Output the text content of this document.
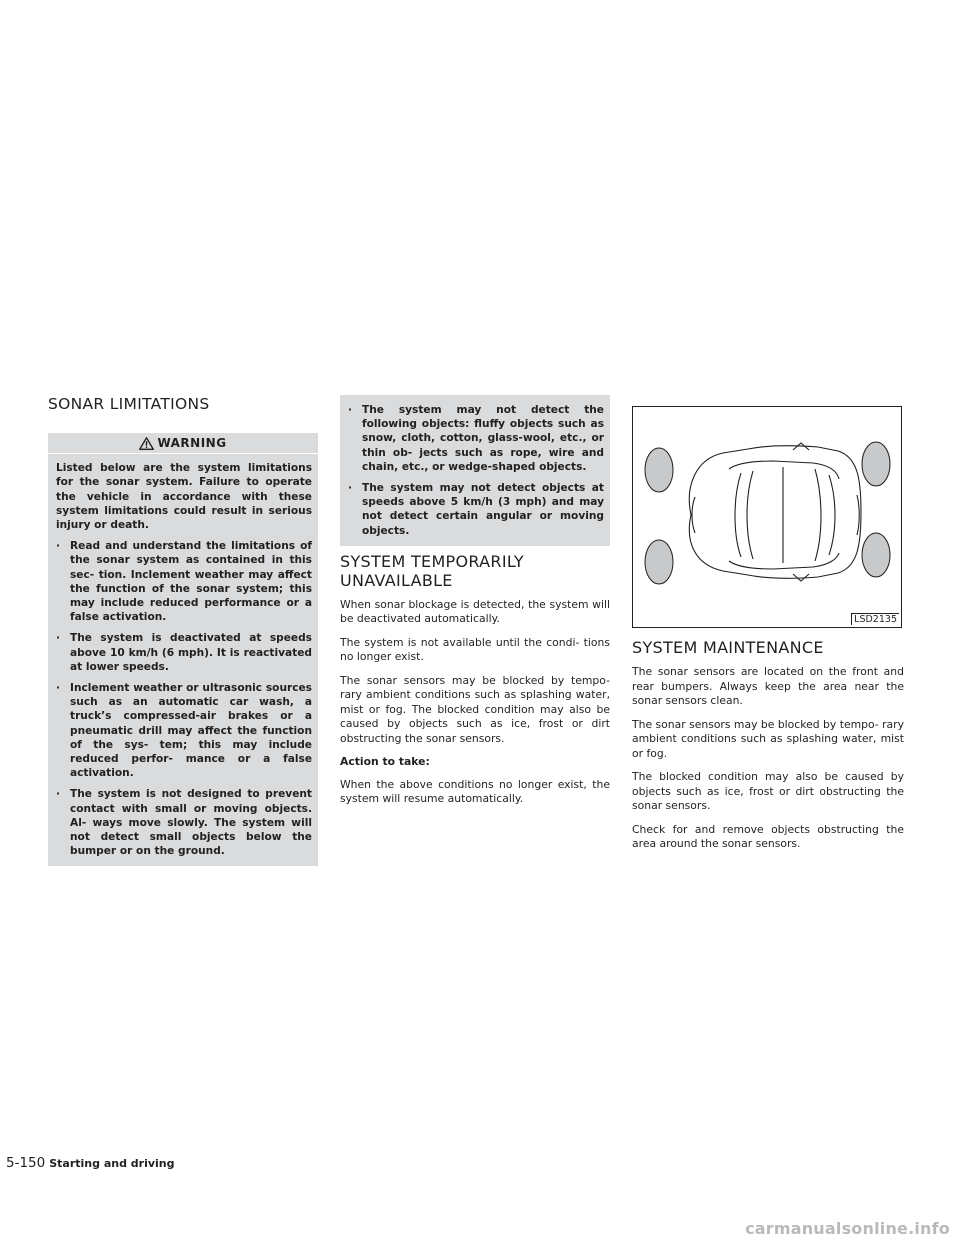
SONAR LIMITATIONS
WARNING

Listed below are the system limitations for the sonar system. Failure to operate the vehicle in accordance with these system limitations could result in serious injury or death.

· Read and understand the limitations of the sonar system as contained in this sec- tion. Inclement weather may affect the function of the sonar system; this may include reduced performance or a false activation.
· The system is deactivated at speeds above 10 km/h (6 mph). It is reactivated at lower speeds.
· Inclement weather or ultrasonic sources such as an automatic car wash, a truck’s compressed-air brakes or a pneumatic drill may affect the function of the sys- tem; this may include reduced perfor- mance or a false activation.
· The system is not designed to prevent contact with small or moving objects. Al- ways move slowly. The system will not detect small objects below the bumper or on the ground.
· The system may not detect the following objects: fluffy objects such as snow, cloth, cotton, glass-wool, etc., or thin ob- jects such as rope, wire and chain, etc., or wedge-shaped objects.
· The system may not detect objects at speeds above 5 km/h (3 mph) and may not detect certain angular or moving objects.
SYSTEM TEMPORARILY UNAVAILABLE

When sonar blockage is detected, the system will be deactivated automatically.

The system is not available until the condi- tions no longer exist.

The sonar sensors may be blocked by tempo- rary ambient conditions such as splashing water, mist or fog. The blocked condition may also be caused by objects such as ice, frost or dirt obstructing the sonar sensors.

Action to take:

When the above conditions no longer exist, the system will resume automatically.

LSD2135
SYSTEM MAINTENANCE

The sonar sensors are located on the front and rear bumpers. Always keep the area near the sonar sensors clean.

The sonar sensors may be blocked by tempo- rary ambient conditions such as splashing water, mist or fog.

The blocked condition may also be caused by objects such as ice, frost or dirt obstructing the sonar sensors.

Check for and remove objects obstructing the area around the sonar sensors.

5-150 Starting and driving
carmanualsonline.info
